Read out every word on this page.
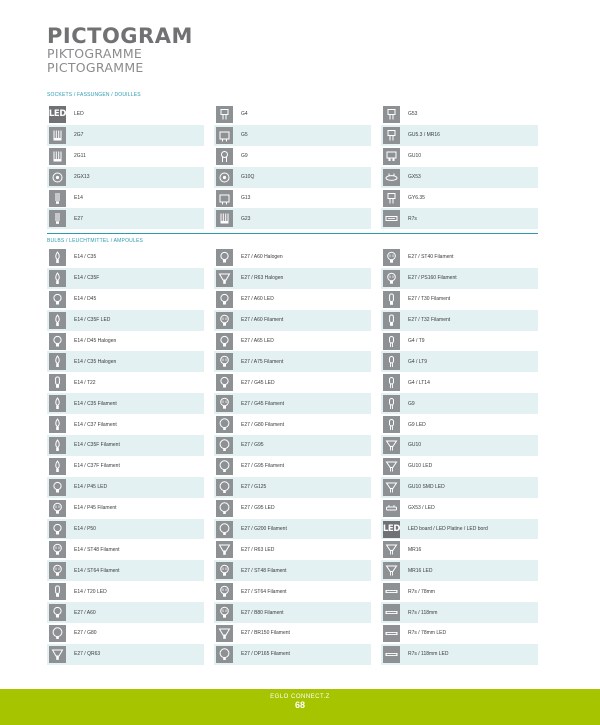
PICTOGRAM
PIKTOGRAMME
PICTOGRAMME
SOCKETS / FASSUNGEN / DOUILLES
LED LED	G4	G53
2G7	G5	GU5.3 / MR16
2G11	G9	GU10
2GX13	G10Q	GX53
E14	G13	GY6.35
E27	G23	R7s
BULBS / LEUCHTMITTEL / AMPOULES
E14 / C35	E27 / A60 Halogen	E27 / ST40 Filament
E14 / C35F	E27 / R63 Halogen	E27 / PS160 Filament
E14 / D45	E27 / A60 LED	E27 / T30 Filament
E14 / C35F LED	E27 / A60 Filament	E27 / T32 Filament
E14 / D45 Halogen	E27 / A65 LED	G4 / T9
E14 / C35 Halogen	E27 / A75 Filament	G4 / LT9
E14 / T22	E27 / G45 LED	G4 / LT14
E14 / C35 Filament	E27 / G45 Filament	G9
E14 / C37 Filament	E27 / G80 Filament	G9 LED
E14 / C35F Filament	E27 / G95	GU10
E14 / C37F Filament	E27 / G95 Filament	GU10 LED
E14 / P45 LED	E27 / G125	GU10 SMD LED
E14 / P45 Filament	E27 / G95 LED	GX53 / LED
E14 / P50	E27 / G200 Filament	LED LED board / LED Platine / LED bord
E14 / ST48 Filament	E27 / R63 LED	MR16
E14 / ST64 Filament	E27 / ST48 Filament	MR16 LED
E14 / T20 LED	E27 / ST64 Filament	R7s / 78mm
E27 / A60	E27 / B80 Filament	R7s / 118mm
E27 / G80	E27 / BR150 Filament	R7s / 78mm LED
E27 / QR63	E27 / DP165 Filament	R7s / 118mm LED
EGLO CONNECT.Z
68
